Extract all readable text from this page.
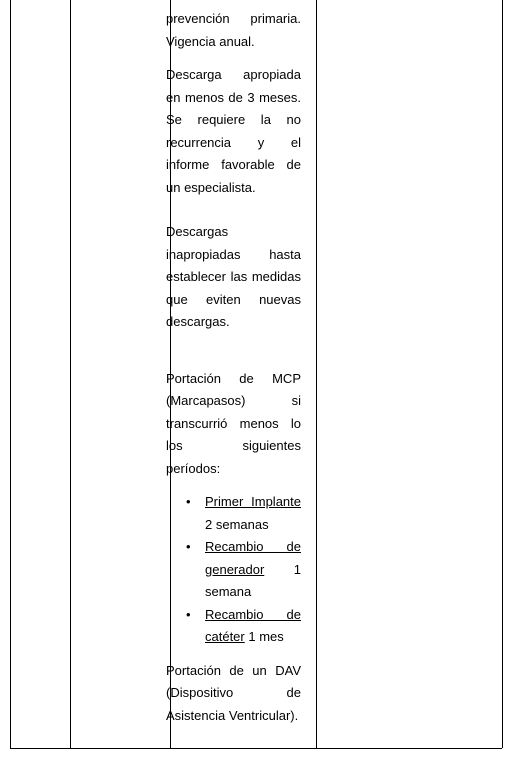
prevención primaria. Vigencia anual.

Descarga apropiada en menos de 3 meses. Se requiere la no recurrencia y el informe favorable de un especialista.

Descargas inapropiadas hasta establecer las medidas que eviten nuevas descargas.

Portación de MCP (Marcapasos) si transcurrió menos lo los siguientes períodos:

• Primer Implante 2 semanas
• Recambio de generador 1 semana
• Recambio de catéter 1 mes

Portación de un DAV (Dispositivo de Asistencia Ventricular).
